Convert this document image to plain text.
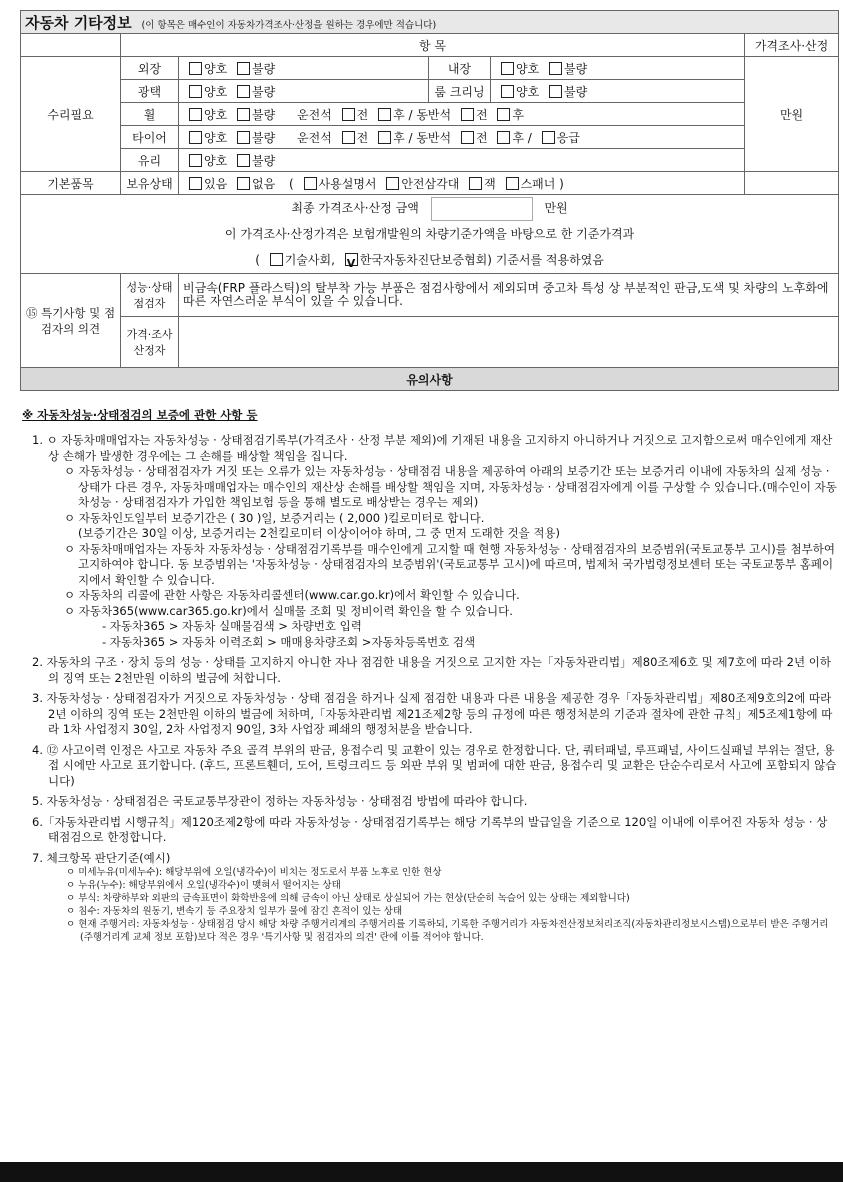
자동차 기타정보 (이 항목은 매수인이 자동차가격조사·산정을 원하는 경우에만 적습니다)					
	항 목				가격조사·산정
수리필요	외장	양호 불량	내장	양호 불량	만원
	광택	양호 불량	룸 크리닝	양호 불량	
	휠	양호 불량 운전석 전 후 / 동반석 전 후			
	타이어	양호 불량 운전석 전 후 / 동반석 전 후 / 응급			
	유리	양호 불량			
기본품목	보유상태	있음 없음 ( 사용설명서 안전삼각대 잭 스패너 )			

최종 가격조사·산정 금액 만원
이 가격조사·산정가격은 보험개발원의 차량기준가액을 바탕으로 한 기준가격과
( 기술사회, V 한국자동차진단보증협회) 기준서를 적용하였음

⑮ 특기사항 및 점검자의 의견	성능·상태점검자	비금속(FRP 플라스틱)의 탈부착 가능 부품은 점검사항에서 제외되며 중고차 특성 상 부분적인 판금,도색 및 차량의 노후화에 따른 자연스러운 부식이 있을 수 있습니다.			
	가격·조사산정자				
유의사항					
※ 자동차성능·상태점검의 보증에 관한 사항 등

1. ㅇ 자동차매매업자는 자동차성능 · 상태점검기록부(가격조사 · 산정 부분 제외)에 기재된 내용을 고지하지 아니하거나 거짓으로 고지함으로써 매수인에게 재산상 손해가 발생한 경우에는 그 손해를 배상할 책임을 집니다.

ㅇ 자동차성능 · 상태점검자가 거짓 또는 오류가 있는 자동차성능 · 상태점검 내용을 제공하여 아래의 보증기간 또는 보증거리 이내에 자동차의 실제 성능 · 상태가 다른 경우, 자동차매매업자는 매수인의 재산상 손해를 배상할 책임을 지며, 자동차성능 · 상태점검자에게 이를 구상할 수 있습니다.(매수인이 자동차성능 · 상태점검자가 가입한 책임보험 등을 통해 별도로 배상받는 경우는 제외)

ㅇ 자동차인도일부터 보증기간은 ( 30 )일, 보증거리는 ( 2,000 )킬로미터로 합니다.

(보증기간은 30일 이상, 보증거리는 2천킬로미터 이상이어야 하며, 그 중 먼저 도래한 것을 적용)

ㅇ 자동차매매업자는 자동차 자동차성능 · 상태점검기록부를 매수인에게 고지할 때 현행 자동차성능 · 상태점검자의 보증범위(국토교통부 고시)를 첨부하여 고지하여야 합니다. 동 보증범위는 '자동차성능 · 상태점검자의 보증범위'(국토교통부 고시)에 따르며, 법제처 국가법령정보센터 또는 국토교통부 홈페이지에서 확인할 수 있습니다.

ㅇ 자동차의 리콜에 관한 사항은 자동차리콜센터(www.car.go.kr)에서 확인할 수 있습니다.

ㅇ 자동차365(www.car365.go.kr)에서 실매물 조회 및 정비이력 확인을 할 수 있습니다.

- 자동차365 > 자동차 실매물검색 > 차량번호 입력

- 자동차365 > 자동차 이력조회 > 매매용차량조회 >자동차등록번호 검색

2. 자동차의 구조 · 장치 등의 성능 · 상태를 고지하지 아니한 자나 점검한 내용을 거짓으로 고지한 자는「자동차관리법」제80조제6호 및 제7호에 따라 2년 이하의 징역 또는 2천만원 이하의 벌금에 처합니다.

3. 자동차성능 · 상태점검자가 거짓으로 자동차성능 · 상태 점검을 하거나 실제 점검한 내용과 다른 내용을 제공한 경우「자동차관리법」제80조제9호의2에 따라 2년 이하의 징역 또는 2천만원 이하의 벌금에 처하며,「자동차관리법 제21조제2항 등의 규정에 따른 행정처분의 기준과 절차에 관한 규칙」제5조제1항에 따라 1차 사업정지 30일, 2차 사업정지 90일, 3차 사업장 폐쇄의 행정처분을 받습니다.

4. ⑫ 사고이력 인정은 사고로 자동차 주요 골격 부위의 판금, 용접수리 및 교환이 있는 경우로 한정합니다. 단, 쿼터패널, 루프패널, 사이드실패널 부위는 절단, 용접 시에만 사고로 표기합니다. (후드, 프론트휀더, 도어, 트렁크리드 등 외판 부위 및 범퍼에 대한 판금, 용접수리 및 교환은 단순수리로서 사고에 포함되지 않습니다)

5. 자동차성능 · 상태점검은 국토교통부장관이 정하는 자동차성능 · 상태점검 방법에 따라야 합니다.

6.「자동차관리법 시행규칙」제120조제2항에 따라 자동차성능 · 상태점검기록부는 해당 기록부의 발급일을 기준으로 120일 이내에 이루어진 자동차 성능 · 상태점검으로 한정합니다.

7. 체크항목 판단기준(예시)

ㅇ 미세누유(미세누수): 해당부위에 오일(냉각수)이 비치는 정도로서 부품 노후로 인한 현상

ㅇ 누유(누수): 해당부위에서 오일(냉각수)이 맺혀서 떨어지는 상태

ㅇ 부식: 차량하부와 외판의 금속표면이 화학반응에 의해 금속이 아닌 상태로 상실되어 가는 현상(단순히 녹슬어 있는 상태는 제외합니다)

ㅇ 침수: 자동차의 원동기, 변속기 등 주요장치 일부가 물에 잠긴 흔적이 있는 상태

ㅇ 현재 주행거리: 자동차성능 · 상태점검 당시 해당 차량 주행거리계의 주행거리를 기록하되, 기록한 주행거리가 자동차전산정보처리조직(자동차관리정보시스템)으로부터 받은 주행거리(주행거리계 교체 정보 포함)보다 적은 경우 '특기사항 및 점검자의 의견' 란에 이를 적어야 합니다.
